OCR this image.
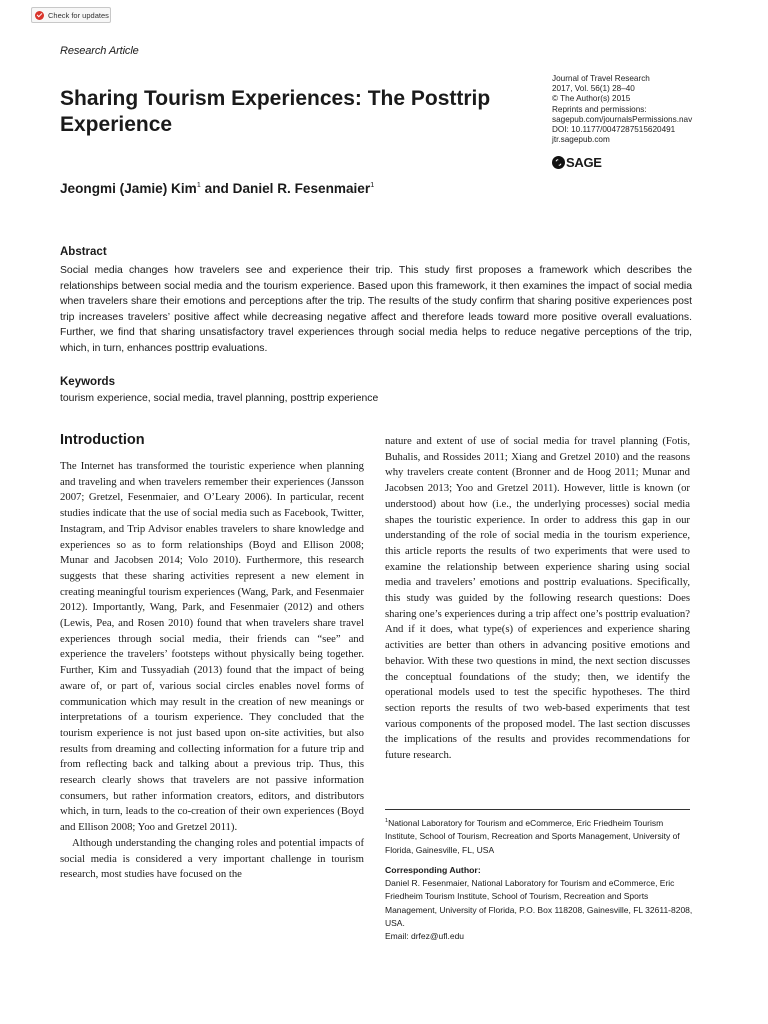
Check for updates
Research Article
Journal of Travel Research
2017, Vol. 56(1) 28–40
© The Author(s) 2015
Reprints and permissions:
sagepub.com/journalsPermissions.nav
DOI: 10.1177/0047287515620491
jtr.sagepub.com
SAGE
Sharing Tourism Experiences: The Posttrip Experience
Jeongmi (Jamie) Kim$^1$ and Daniel R. Fesenmaier$^1$
Abstract
Social media changes how travelers see and experience their trip. This study first proposes a framework which describes the relationships between social media and the tourism experience. Based upon this framework, it then examines the impact of social media when travelers share their emotions and perceptions after the trip. The results of the study confirm that sharing positive experiences post trip increases travelers’ positive affect while decreasing negative affect and therefore leads toward more positive overall evaluations. Further, we find that sharing unsatisfactory travel experiences through social media helps to reduce negative perceptions of the trip, which, in turn, enhances posttrip evaluations.
Keywords
tourism experience, social media, travel planning, posttrip experience
Introduction

The Internet has transformed the touristic experience when planning and traveling and when travelers remember their experiences (Jansson 2007; Gretzel, Fesenmaier, and O’Leary 2006). In particular, recent studies indicate that the use of social media such as Facebook, Twitter, Instagram, and Trip Advisor enables travelers to share knowledge and experiences so as to form relationships (Boyd and Ellison 2008; Munar and Jacobsen 2014; Volo 2010). Furthermore, this research suggests that these sharing activities represent a new element in creating meaningful tourism experiences (Wang, Park, and Fesenmaier 2012). Importantly, Wang, Park, and Fesenmaier (2012) and others (Lewis, Pea, and Rosen 2010) found that when travelers share travel experiences through social media, their friends can “see” and experience the travelers’ footsteps without physically being together. Further, Kim and Tussyadiah (2013) found that the impact of being aware of, or part of, various social circles enables novel forms of communication which may result in the creation of new meanings or interpretations of a tourism experience. They concluded that the tourism experience is not just based upon on-site activities, but also results from dreaming and collecting information for a future trip and from reflecting back and talking about a previous trip. Thus, this research clearly shows that travelers are not passive information consumers, but rather information creators, editors, and distributors which, in turn, leads to the co-creation of their own experiences (Boyd and Ellison 2008; Yoo and Gretzel 2011).

Although understanding the changing roles and potential impacts of social media is considered a very important challenge in tourism research, most studies have focused on the

nature and extent of use of social media for travel planning (Fotis, Buhalis, and Rossides 2011; Xiang and Gretzel 2010) and the reasons why travelers create content (Bronner and de Hoog 2011; Munar and Jacobsen 2013; Yoo and Gretzel 2011). However, little is known (or understood) about how (i.e., the underlying processes) social media shapes the touristic experience. In order to address this gap in our understanding of the role of social media in the tourism experience, this article reports the results of two experiments that were used to examine the relationship between experience sharing using social media and travelers’ emotions and posttrip evaluations. Specifically, this study was guided by the following research questions: Does sharing one’s experiences during a trip affect one’s posttrip evaluation? And if it does, what type(s) of experiences and experience sharing activities are better than others in advancing positive emotions and behavior. With these two questions in mind, the next section discusses the conceptual foundations of the study; then, we identify the operational models used to test the specific hypotheses. The third section reports the results of two web-based experiments that test various components of the proposed model. The last section discusses the implications of the results and provides recommendations for future research.

$^1$National Laboratory for Tourism and eCommerce, Eric Friedheim Tourism Institute, School of Tourism, Recreation and Sports Management, University of Florida, Gainesville, FL, USA
Corresponding Author:
Daniel R. Fesenmaier, National Laboratory for Tourism and eCommerce, Eric Friedheim Tourism Institute, School of Tourism, Recreation and Sports Management, University of Florida, P.O. Box 118208, Gainesville, FL 32611-8208, USA.
Email: drfez@ufl.edu
